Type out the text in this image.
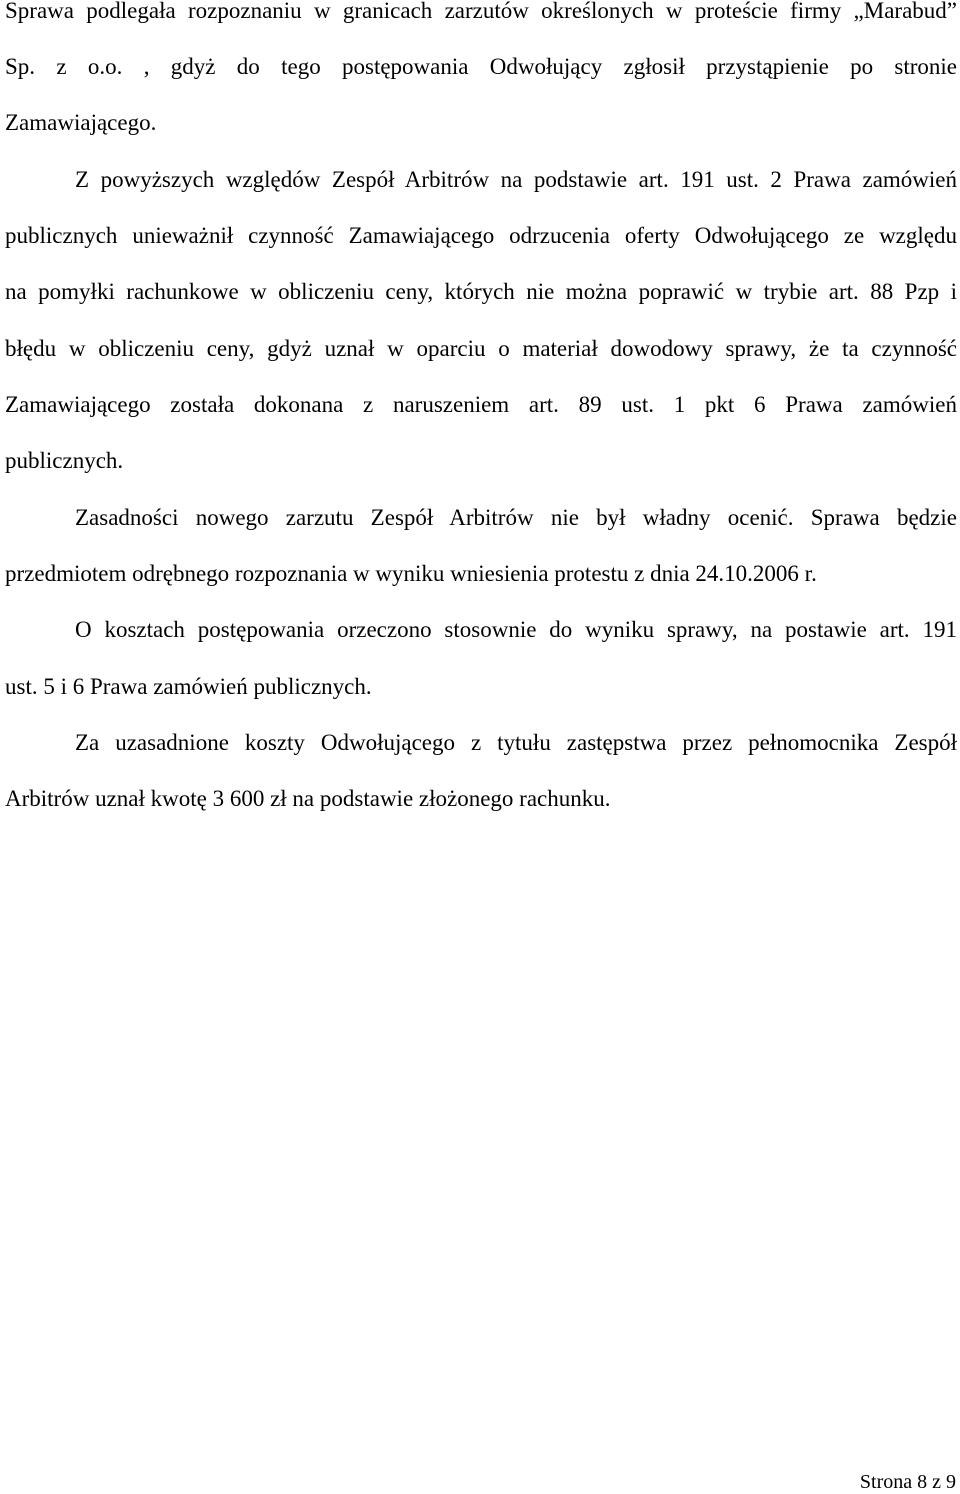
Sprawa podlegała rozpoznaniu w granicach zarzutów określonych w proteście firmy „Marabud”
Sp. z o.o. , gdyż do tego postępowania Odwołujący zgłosił przystąpienie po stronie
Zamawiającego.
Z powyższych względów Zespół Arbitrów na podstawie art. 191 ust. 2 Prawa zamówień
publicznych unieważnił czynność Zamawiającego odrzucenia oferty Odwołującego ze względu
na pomyłki rachunkowe w obliczeniu ceny, których nie można poprawić w trybie art. 88 Pzp i
błędu w obliczeniu ceny, gdyż uznał w oparciu o materiał dowodowy sprawy, że ta czynność
Zamawiającego została dokonana z naruszeniem art. 89 ust. 1 pkt 6 Prawa zamówień
publicznych.
Zasadności nowego zarzutu Zespół Arbitrów nie był władny ocenić. Sprawa będzie
przedmiotem odrębnego rozpoznania w wyniku wniesienia protestu z dnia 24.10.2006 r.
O kosztach postępowania orzeczono stosownie do wyniku sprawy, na postawie art. 191
ust. 5 i 6 Prawa zamówień publicznych.
Za uzasadnione koszty Odwołującego z tytułu zastępstwa przez pełnomocnika Zespół
Arbitrów uznał kwotę 3 600 zł na podstawie złożonego rachunku.
Strona 8 z 9
